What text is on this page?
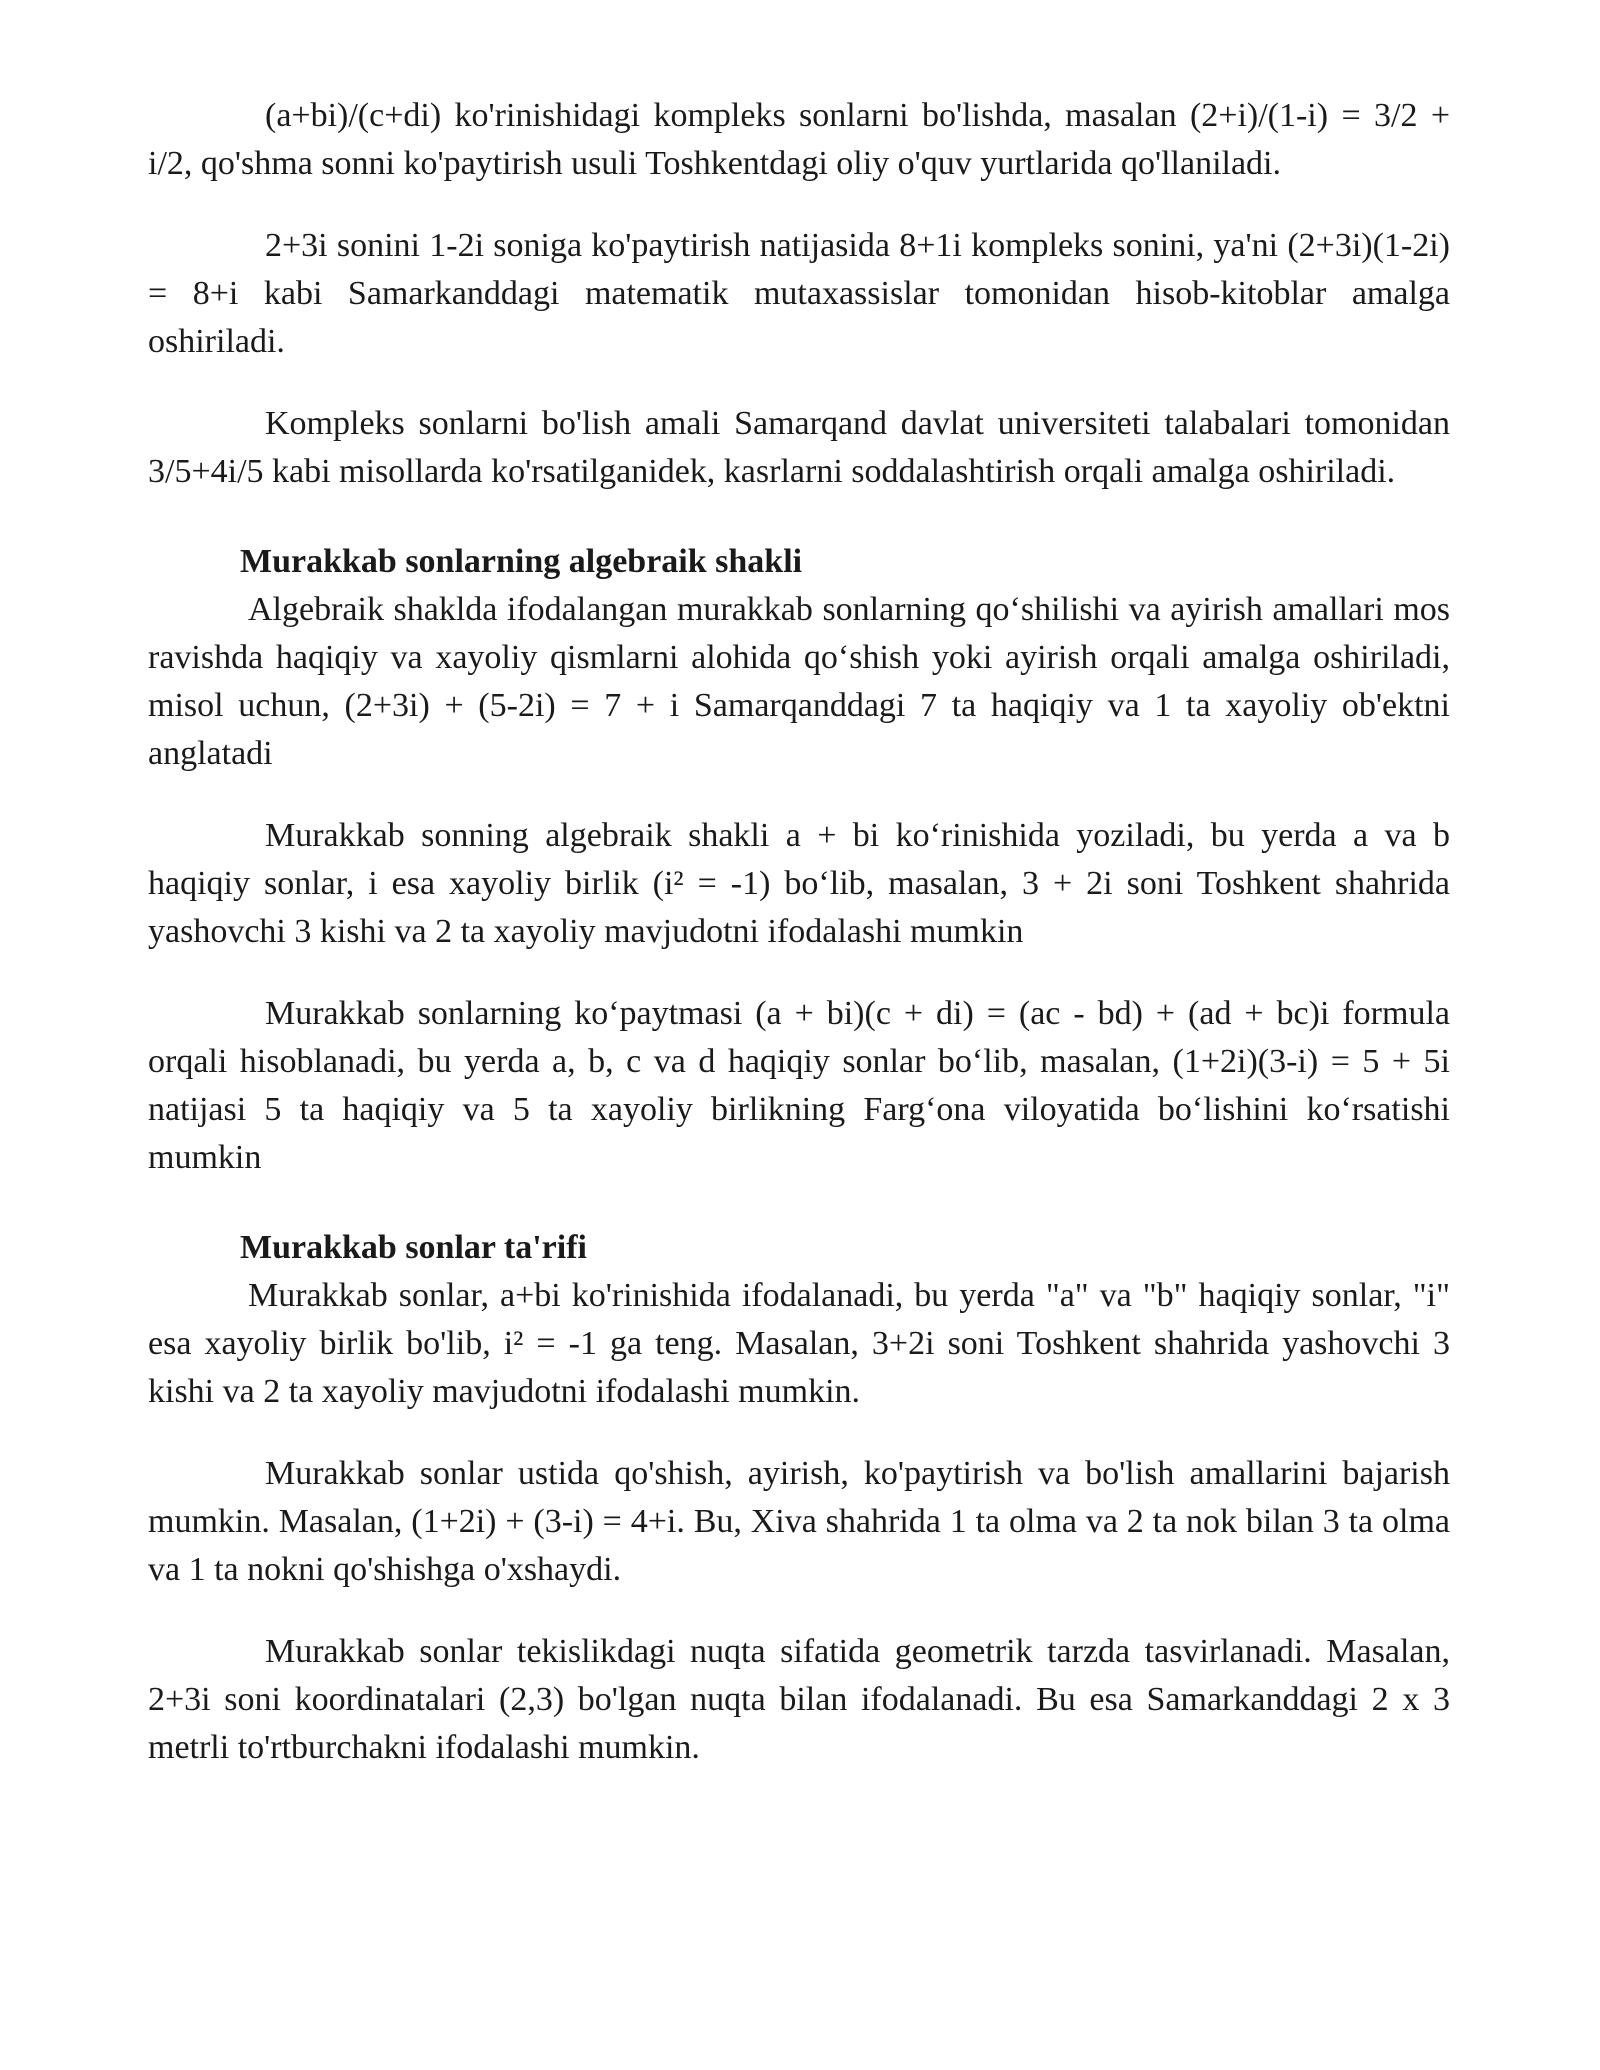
(a+bi)/(c+di) ko'rinishidagi kompleks sonlarni bo'lishda, masalan (2+i)/(1-i) = 3/2 + i/2, qo'shma sonni ko'paytirish usuli Toshkentdagi oliy o'quv yurtlarida qo'llaniladi.

2+3i sonini 1-2i soniga ko'paytirish natijasida 8+1i kompleks sonini, ya'ni (2+3i)(1-2i) = 8+i kabi Samarkanddagi matematik mutaxassislar tomonidan hisob-kitoblar amalga oshiriladi.

Kompleks sonlarni bo'lish amali Samarqand davlat universiteti talabalari tomonidan 3/5+4i/5 kabi misollarda ko'rsatilganidek, kasrlarni soddalashtirish orqali amalga oshiriladi.

Murakkab sonlarning algebraik shakli

Algebraik shaklda ifodalangan murakkab sonlarning qo‘shilishi va ayirish amallari mos ravishda haqiqiy va xayoliy qismlarni alohida qo‘shish yoki ayirish orqali amalga oshiriladi, misol uchun, (2+3i) + (5-2i) = 7 + i Samarqanddagi 7 ta haqiqiy va 1 ta xayoliy ob'ektni anglatadi

Murakkab sonning algebraik shakli a + bi ko‘rinishida yoziladi, bu yerda a va b haqiqiy sonlar, i esa xayoliy birlik (i² = -1) bo‘lib, masalan, 3 + 2i soni Toshkent shahrida yashovchi 3 kishi va 2 ta xayoliy mavjudotni ifodalashi mumkin

Murakkab sonlarning ko‘paytmasi (a + bi)(c + di) = (ac - bd) + (ad + bc)i formula orqali hisoblanadi, bu yerda a, b, c va d haqiqiy sonlar bo‘lib, masalan, (1+2i)(3-i) = 5 + 5i natijasi 5 ta haqiqiy va 5 ta xayoliy birlikning Farg‘ona viloyatida bo‘lishini ko‘rsatishi mumkin

Murakkab sonlar ta'rifi

Murakkab sonlar, a+bi ko'rinishida ifodalanadi, bu yerda "a" va "b" haqiqiy sonlar, "i" esa xayoliy birlik bo'lib, i² = -1 ga teng. Masalan, 3+2i soni Toshkent shahrida yashovchi 3 kishi va 2 ta xayoliy mavjudotni ifodalashi mumkin.

Murakkab sonlar ustida qo'shish, ayirish, ko'paytirish va bo'lish amallarini bajarish mumkin. Masalan, (1+2i) + (3-i) = 4+i. Bu, Xiva shahrida 1 ta olma va 2 ta nok bilan 3 ta olma va 1 ta nokni qo'shishga o'xshaydi.

Murakkab sonlar tekislikdagi nuqta sifatida geometrik tarzda tasvirlanadi. Masalan, 2+3i soni koordinatalari (2,3) bo'lgan nuqta bilan ifodalanadi. Bu esa Samarkanddagi 2 x 3 metrli to'rtburchakni ifodalashi mumkin.
